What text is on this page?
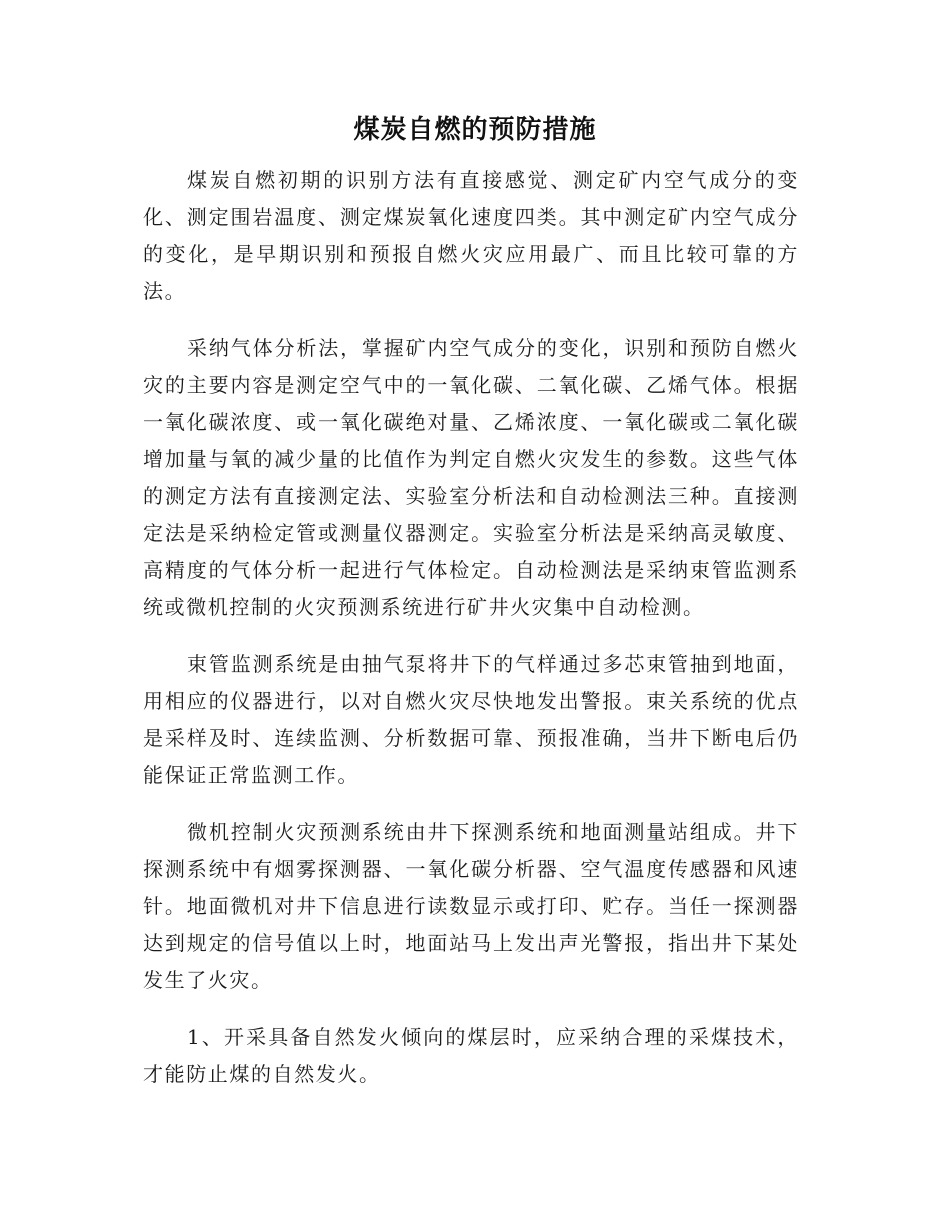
煤炭自燃的预防措施

煤炭自燃初期的识别方法有直接感觉、测定矿内空气成分的变化、测定围岩温度、测定煤炭氧化速度四类。其中测定矿内空气成分的变化，是早期识别和预报自燃火灾应用最广、而且比较可靠的方法。

采纳气体分析法，掌握矿内空气成分的变化，识别和预防自燃火灾的主要内容是测定空气中的一氧化碳、二氧化碳、乙烯气体。根据一氧化碳浓度、或一氧化碳绝对量、乙烯浓度、一氧化碳或二氧化碳增加量与氧的减少量的比值作为判定自燃火灾发生的参数。这些气体的测定方法有直接测定法、实验室分析法和自动检测法三种。直接测定法是采纳检定管或测量仪器测定。实验室分析法是采纳高灵敏度、高精度的气体分析一起进行气体检定。自动检测法是采纳束管监测系统或微机控制的火灾预测系统进行矿井火灾集中自动检测。

束管监测系统是由抽气泵将井下的气样通过多芯束管抽到地面，用相应的仪器进行，以对自燃火灾尽快地发出警报。束关系统的优点是采样及时、连续监测、分析数据可靠、预报准确，当井下断电后仍能保证正常监测工作。

微机控制火灾预测系统由井下探测系统和地面测量站组成。井下探测系统中有烟雾探测器、一氧化碳分析器、空气温度传感器和风速针。地面微机对井下信息进行读数显示或打印、贮存。当任一探测器达到规定的信号值以上时，地面站马上发出声光警报，指出井下某处发生了火灾。

1、开采具备自然发火倾向的煤层时，应采纳合理的采煤技术，才能防止煤的自然发火。
